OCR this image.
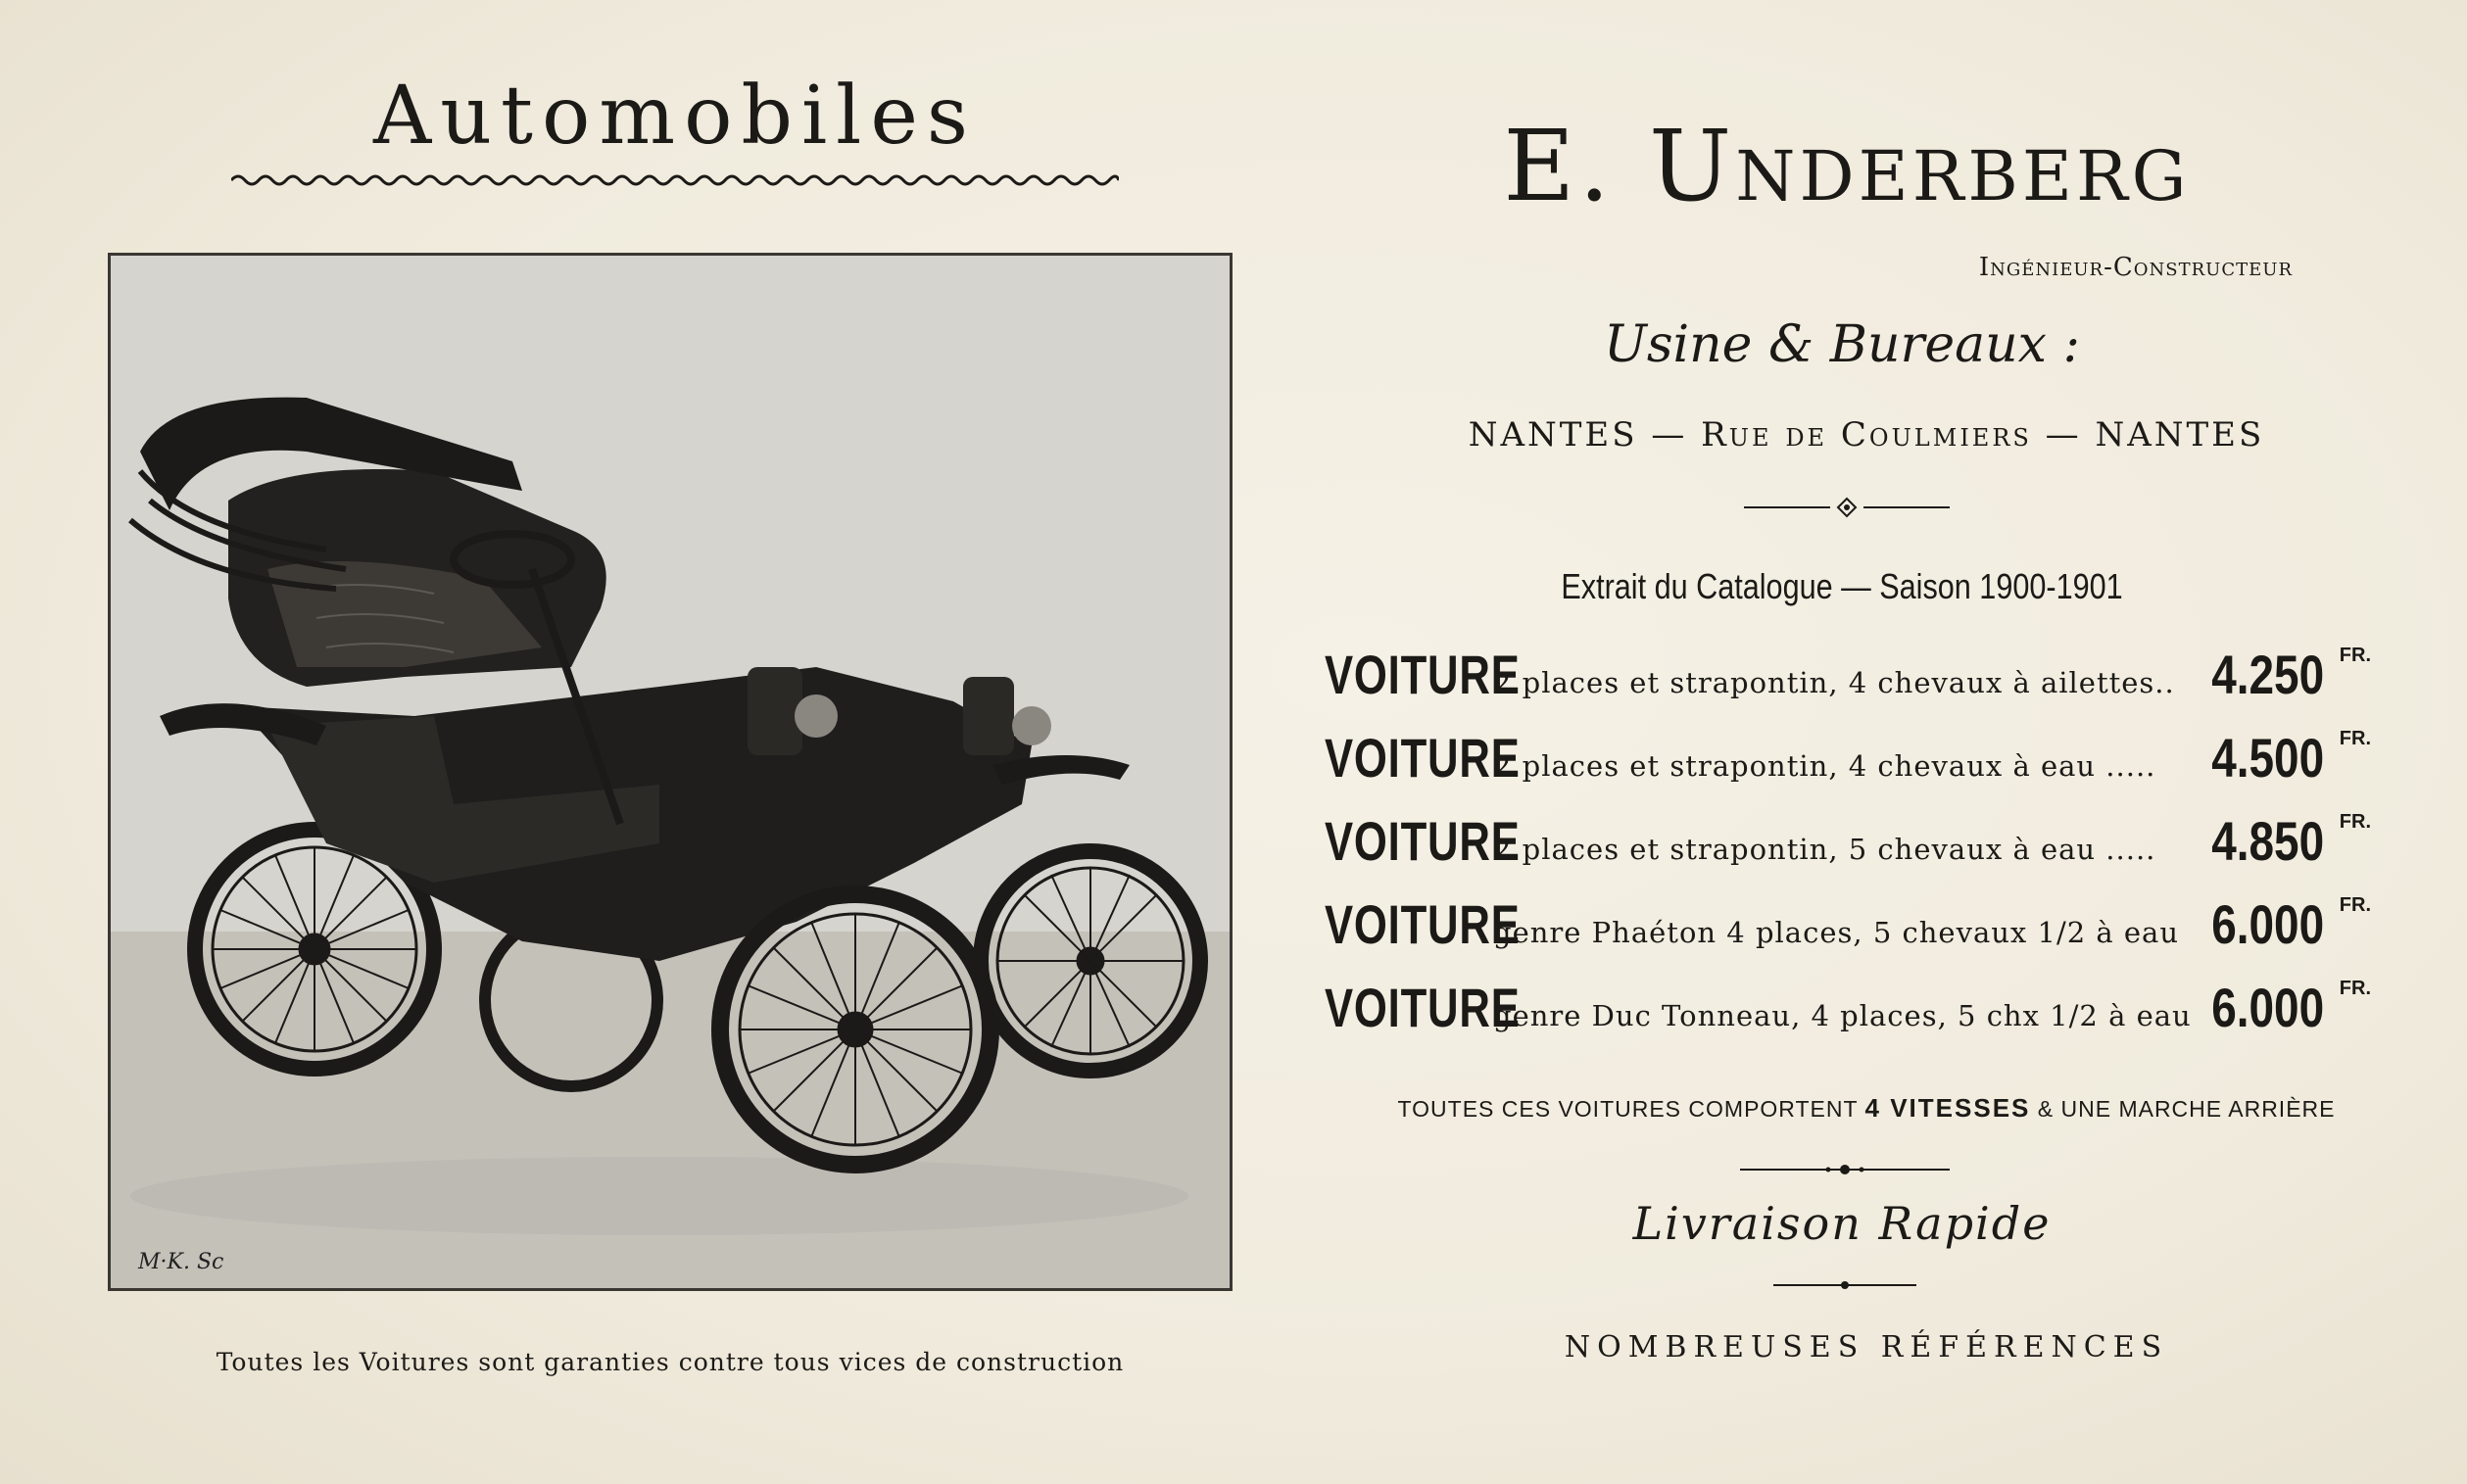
Automobiles
M·K. Sc
Toutes les Voitures sont garanties contre tous vices de construction
E. Underberg
Ingénieur-Constructeur
Usine & Bureaux :
NANTES — Rue de Coulmiers — NANTES
Extrait du Catalogue — Saison 1900-1901
VOITURE
2 places et strapontin, 4 chevaux à ailettes.. 4.250 FR.
VOITURE
2 places et strapontin, 4 chevaux à eau ..... 4.500 FR.
VOITURE
2 places et strapontin, 5 chevaux à eau ..... 4.850 FR.
VOITURE
genre Phaéton 4 places, 5 chevaux 1/2 à eau 6.000 FR.
VOITURE
genre Duc Tonneau, 4 places, 5 chx 1/2 à eau 6.000 FR.
TOUTES CES VOITURES COMPORTENT 4 VITESSES & UNE MARCHE ARRIÈRE
Livraison Rapide
NOMBREUSES RÉFÉRENCES
